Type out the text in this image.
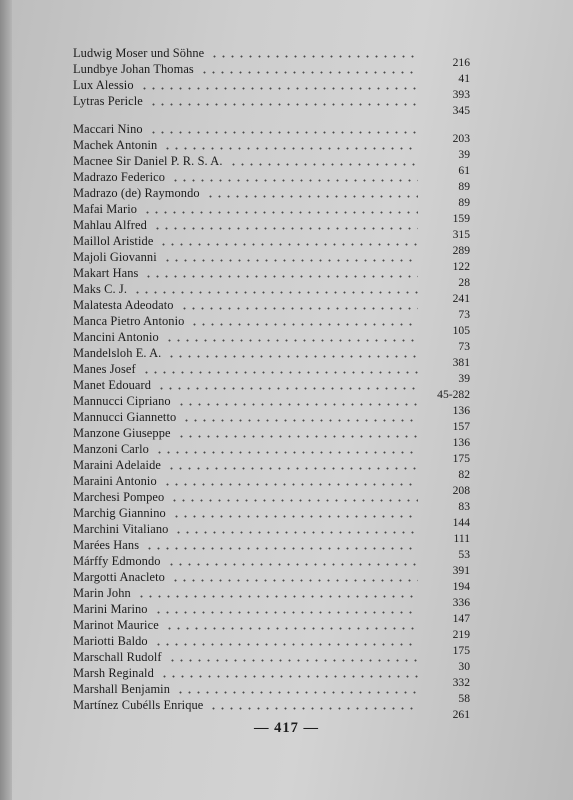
Ludwig Moser und Söhne
216
Lundbye Johan Thomas
41
Lux Alessio
393
Lytras Pericle
345
Maccari Nino
203
Machek Antonin
39
Macnee Sir Daniel P. R. S. A.
61
Madrazo Federico
89
Madrazo (de) Raymondo
89
Mafai Mario
159
Mahlau Alfred
315
Maillol Aristide
289
Majoli Giovanni
122
Makart Hans
28
Maks C. J.
241
Malatesta Adeodato
73
Manca Pietro Antonio
105
Mancini Antonio
73
Mandelsloh E. A.
381
Manes Josef
39
Manet Edouard
45-282
Mannucci Cipriano
136
Mannucci Giannetto
157
Manzone Giuseppe
136
Manzoni Carlo
175
Maraini Adelaide
82
Maraini Antonio
208
Marchesi Pompeo
83
Marchig Giannino
144
Marchini Vitaliano
111
Marées Hans
53
Márffy Edmondo
391
Margotti Anacleto
194
Marin John
336
Marini Marino
147
Marinot Maurice
219
Mariotti Baldo
175
Marschall Rudolf
30
Marsh Reginald
332
Marshall Benjamin
58
Martínez Cubélls Enrique
261
— 417 —
